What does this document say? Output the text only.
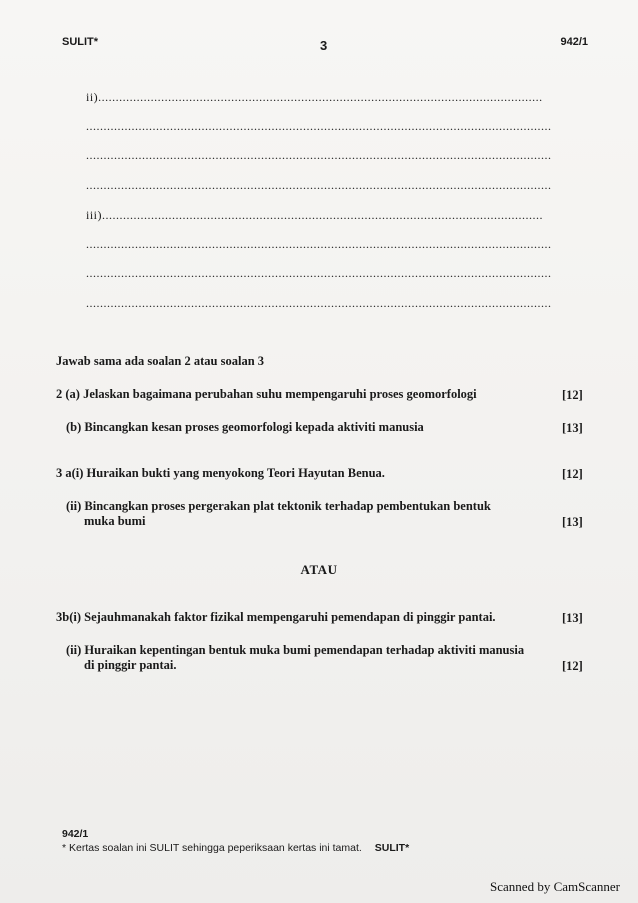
SULIT*	3	942/1
ii)...............................................................................................................................
.....................................................................................................................................
.....................................................................................................................................
.....................................................................................................................................
iii)..............................................................................................................................
.....................................................................................................................................
.....................................................................................................................................
.....................................................................................................................................
Jawab sama ada soalan 2 atau soalan 3
2 (a) Jelaskan bagaimana perubahan suhu mempengaruhi proses geomorfologi	[12]
(b) Bincangkan kesan proses geomorfologi kepada aktiviti manusia	[13]
3 a(i) Huraikan bukti yang menyokong Teori Hayutan Benua.	[12]
(ii) Bincangkan proses pergerakan plat tektonik terhadap pembentukan bentuk
muka bumi	[13]
ATAU
3b(i) Sejauhmanakah faktor fizikal mempengaruhi pemendapan di pinggir pantai.	[13]
(ii) Huraikan kepentingan bentuk muka bumi pemendapan terhadap aktiviti manusia
di pinggir pantai.	[12]
942/1
* Kertas soalan ini SULIT sehingga peperiksaan kertas ini tamat. SULIT*
Scanned by CamScanner
